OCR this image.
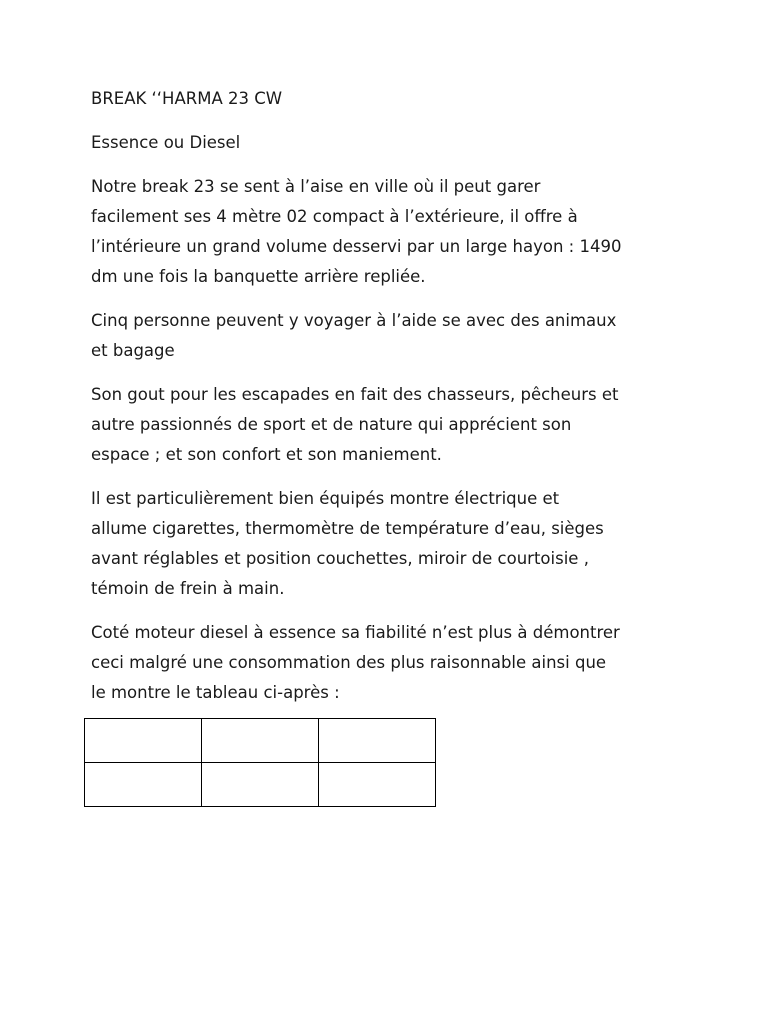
BREAK ‘‘HARMA 23 CW
Essence ou Diesel
Notre break 23 se sent à l’aise en ville où il peut garer
facilement ses 4 mètre 02 compact à l’extérieure, il offre à
l’intérieure un grand volume desservi par un large hayon : 1490
dm une fois la banquette arrière repliée.
Cinq personne peuvent y voyager à l’aide se avec des animaux
et bagage
Son gout pour les escapades en fait des chasseurs, pêcheurs et
autre passionnés de sport et de nature qui apprécient son
espace ; et son confort et son maniement.
Il est particulièrement bien équipés montre électrique et
allume cigarettes, thermomètre de température d’eau, sièges
avant réglables et position couchettes, miroir de courtoisie ,
témoin de frein à main.
Coté moteur diesel à essence sa fiabilité n’est plus à démontrer
ceci malgré une consommation des plus raisonnable ainsi que
le montre le tableau ci-après :
